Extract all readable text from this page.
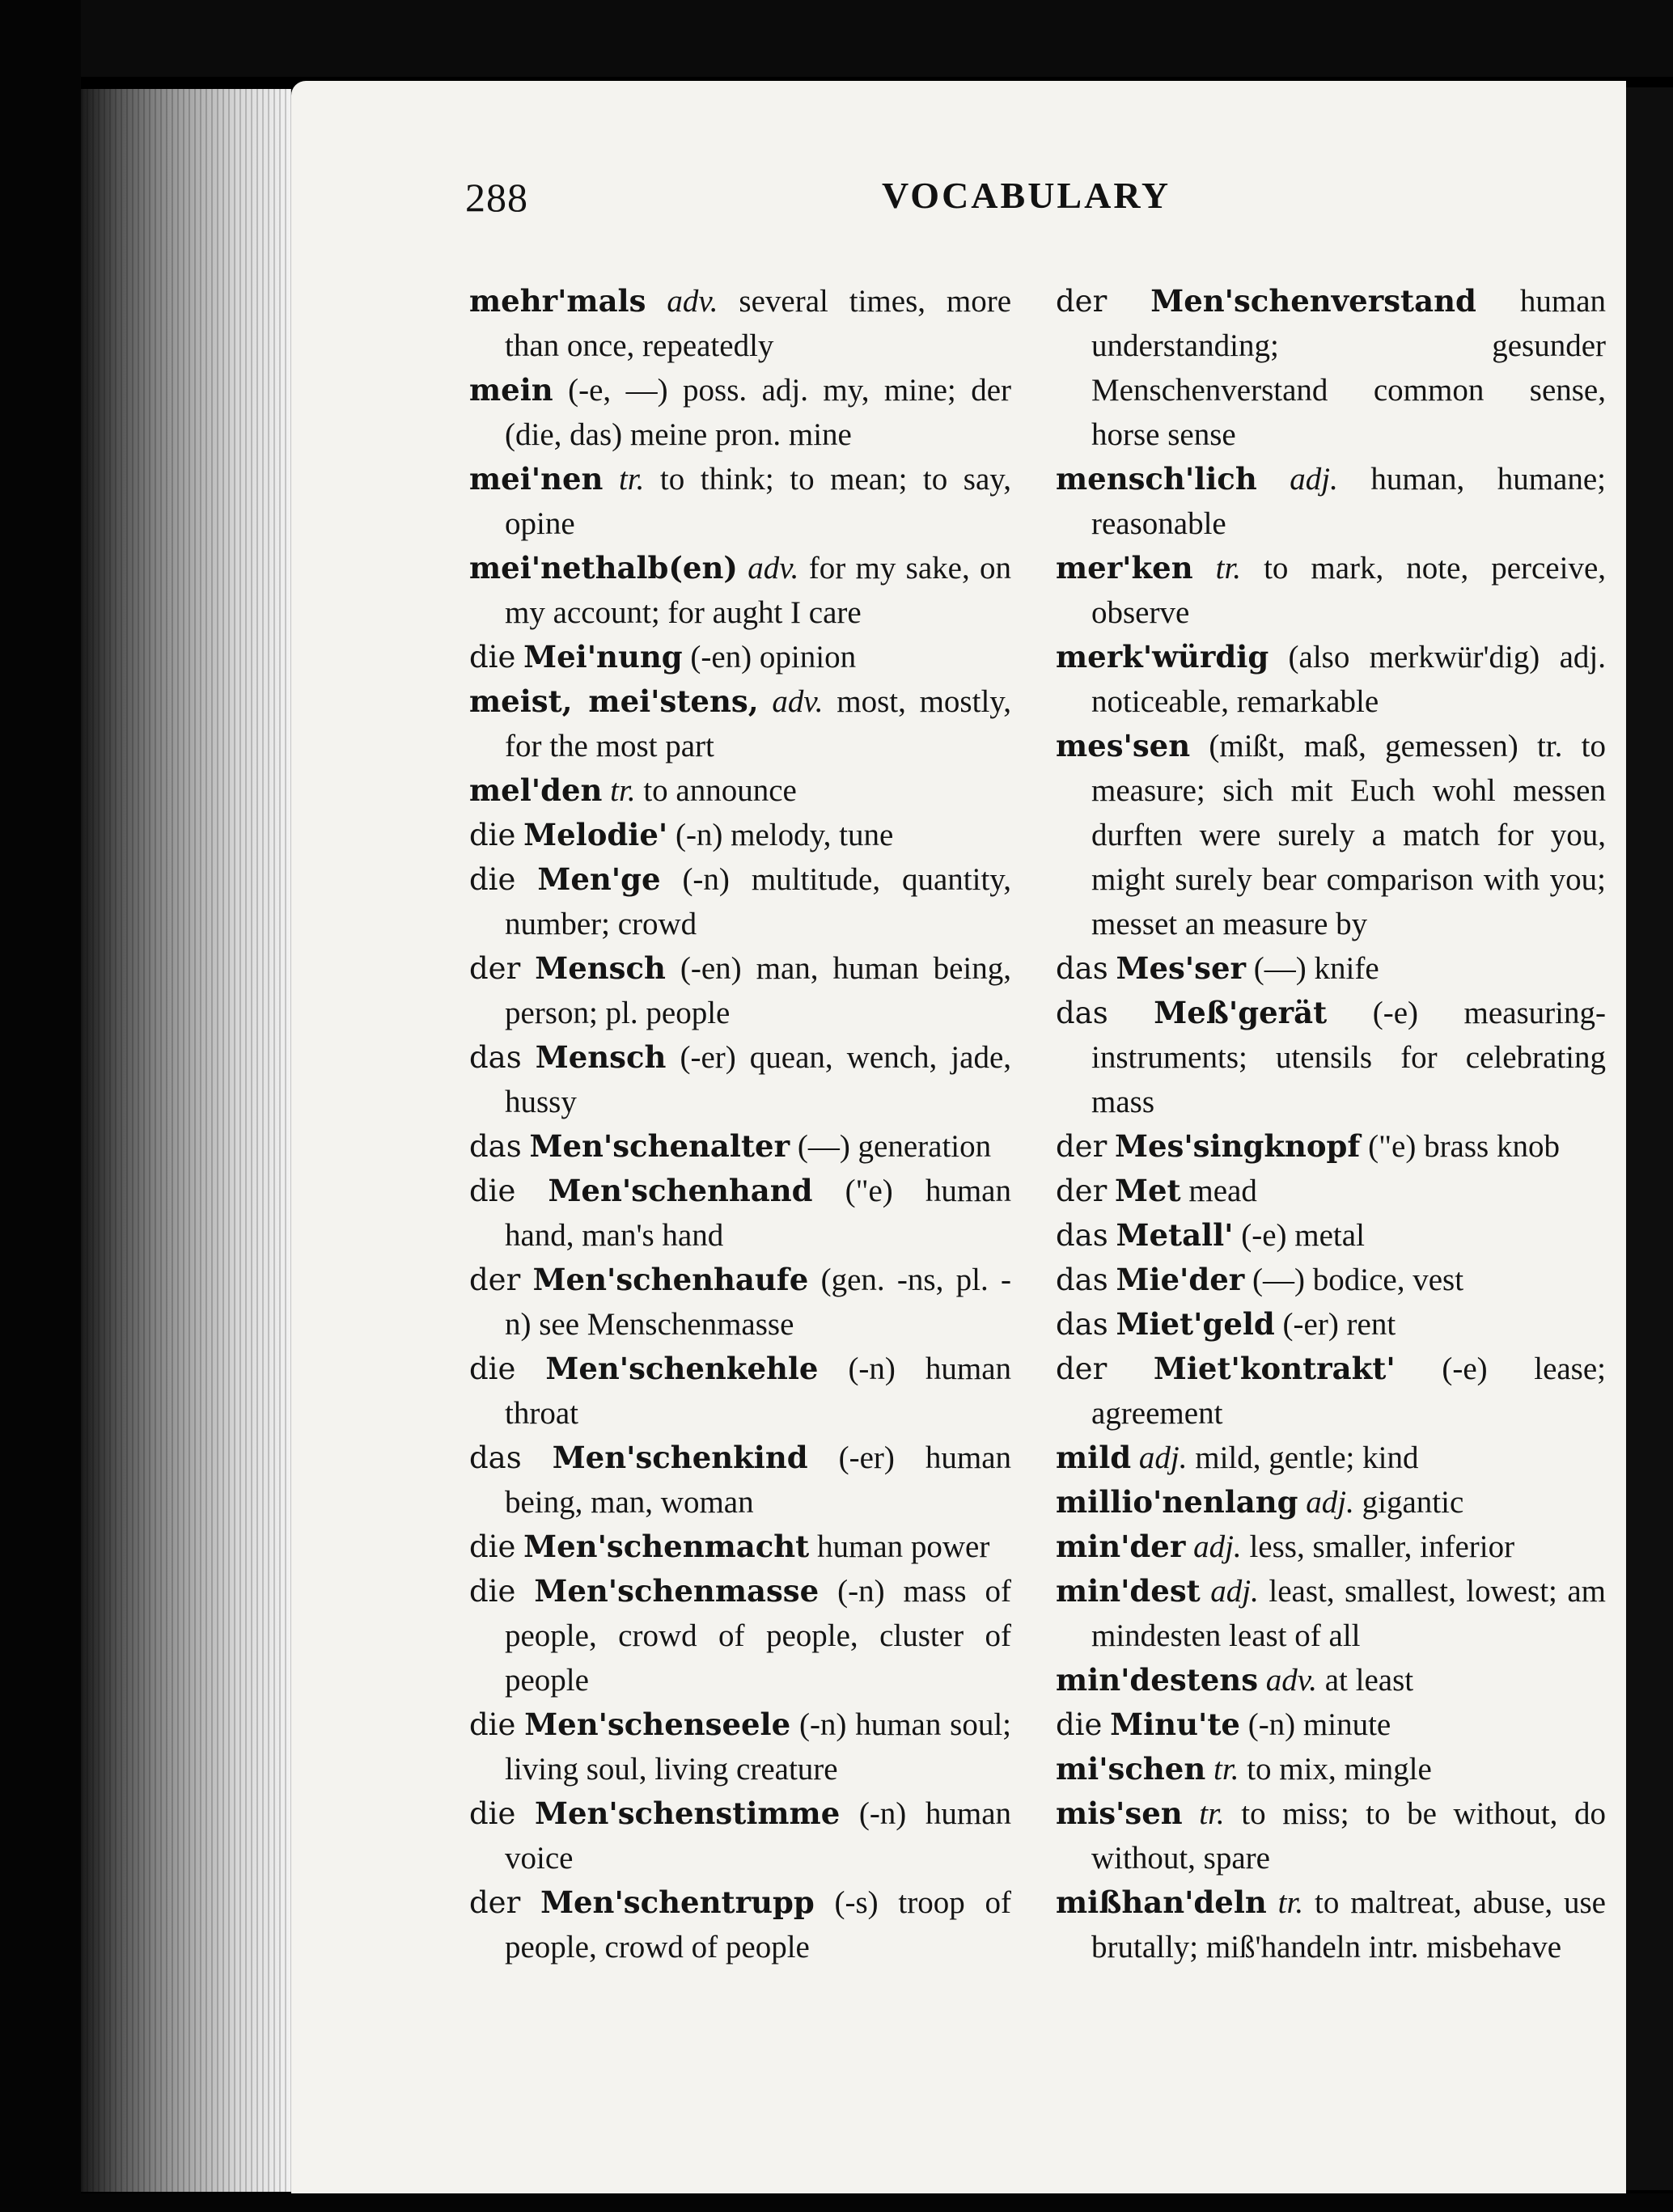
288	VOCABULARY
mehr'mals adv. several times, more than once, repeatedly
mein (-e, —) poss. adj. my, mine; der (die, das) meine pron. mine
mei'nen tr. to think; to mean; to say, opine
mei'nethalb(en) adv. for my sake, on my account; for aught I care
die Mei'nung (-en) opinion
meist, mei'stens, adv. most, mostly, for the most part
mel'den tr. to announce
die Melodie' (-n) melody, tune
die Men'ge (-n) multitude, quantity, number; crowd
der Mensch (-en) man, human being, person; pl. people
das Mensch (-er) quean, wench, jade, hussy
das Men'schenalter (—) generation
die Men'schenhand ("e) human hand, man's hand
der Men'schenhaufe (gen. -ns, pl. -n) see Menschenmasse
die Men'schenkehle (-n) human throat
das Men'schenkind (-er) human being, man, woman
die Men'schenmacht human power
die Men'schenmasse (-n) mass of people, crowd of people, cluster of people
die Men'schenseele (-n) human soul; living soul, living creature
die Men'schenstimme (-n) human voice
der Men'schentrupp (-s) troop of people, crowd of people
der Men'schenverstand human understanding; gesunder Menschenverstand common sense, horse sense
mensch'lich adj. human, humane; reasonable
mer'ken tr. to mark, note, perceive, observe
merk'würdig (also merkwür'dig) adj. noticeable, remarkable
mes'sen (mißt, maß, gemessen) tr. to measure; sich mit Euch wohl messen durften were surely a match for you, might surely bear comparison with you; messet an measure by
das Mes'ser (—) knife
das Meß'gerät (-e) measuring-instruments; utensils for celebrating mass
der Mes'singknopf ("e) brass knob
der Met mead
das Metall' (-e) metal
das Mie'der (—) bodice, vest
das Miet'geld (-er) rent
der Miet'kontrakt' (-e) lease; agreement
mild adj. mild, gentle; kind
millio'nenlang adj. gigantic
min'der adj. less, smaller, inferior
min'dest adj. least, smallest, lowest; am mindesten least of all
min'destens adv. at least
die Minu'te (-n) minute
mi'schen tr. to mix, mingle
mis'sen tr. to miss; to be without, do without, spare
mißhan'deln tr. to maltreat, abuse, use brutally; miß'handeln intr. misbehave
